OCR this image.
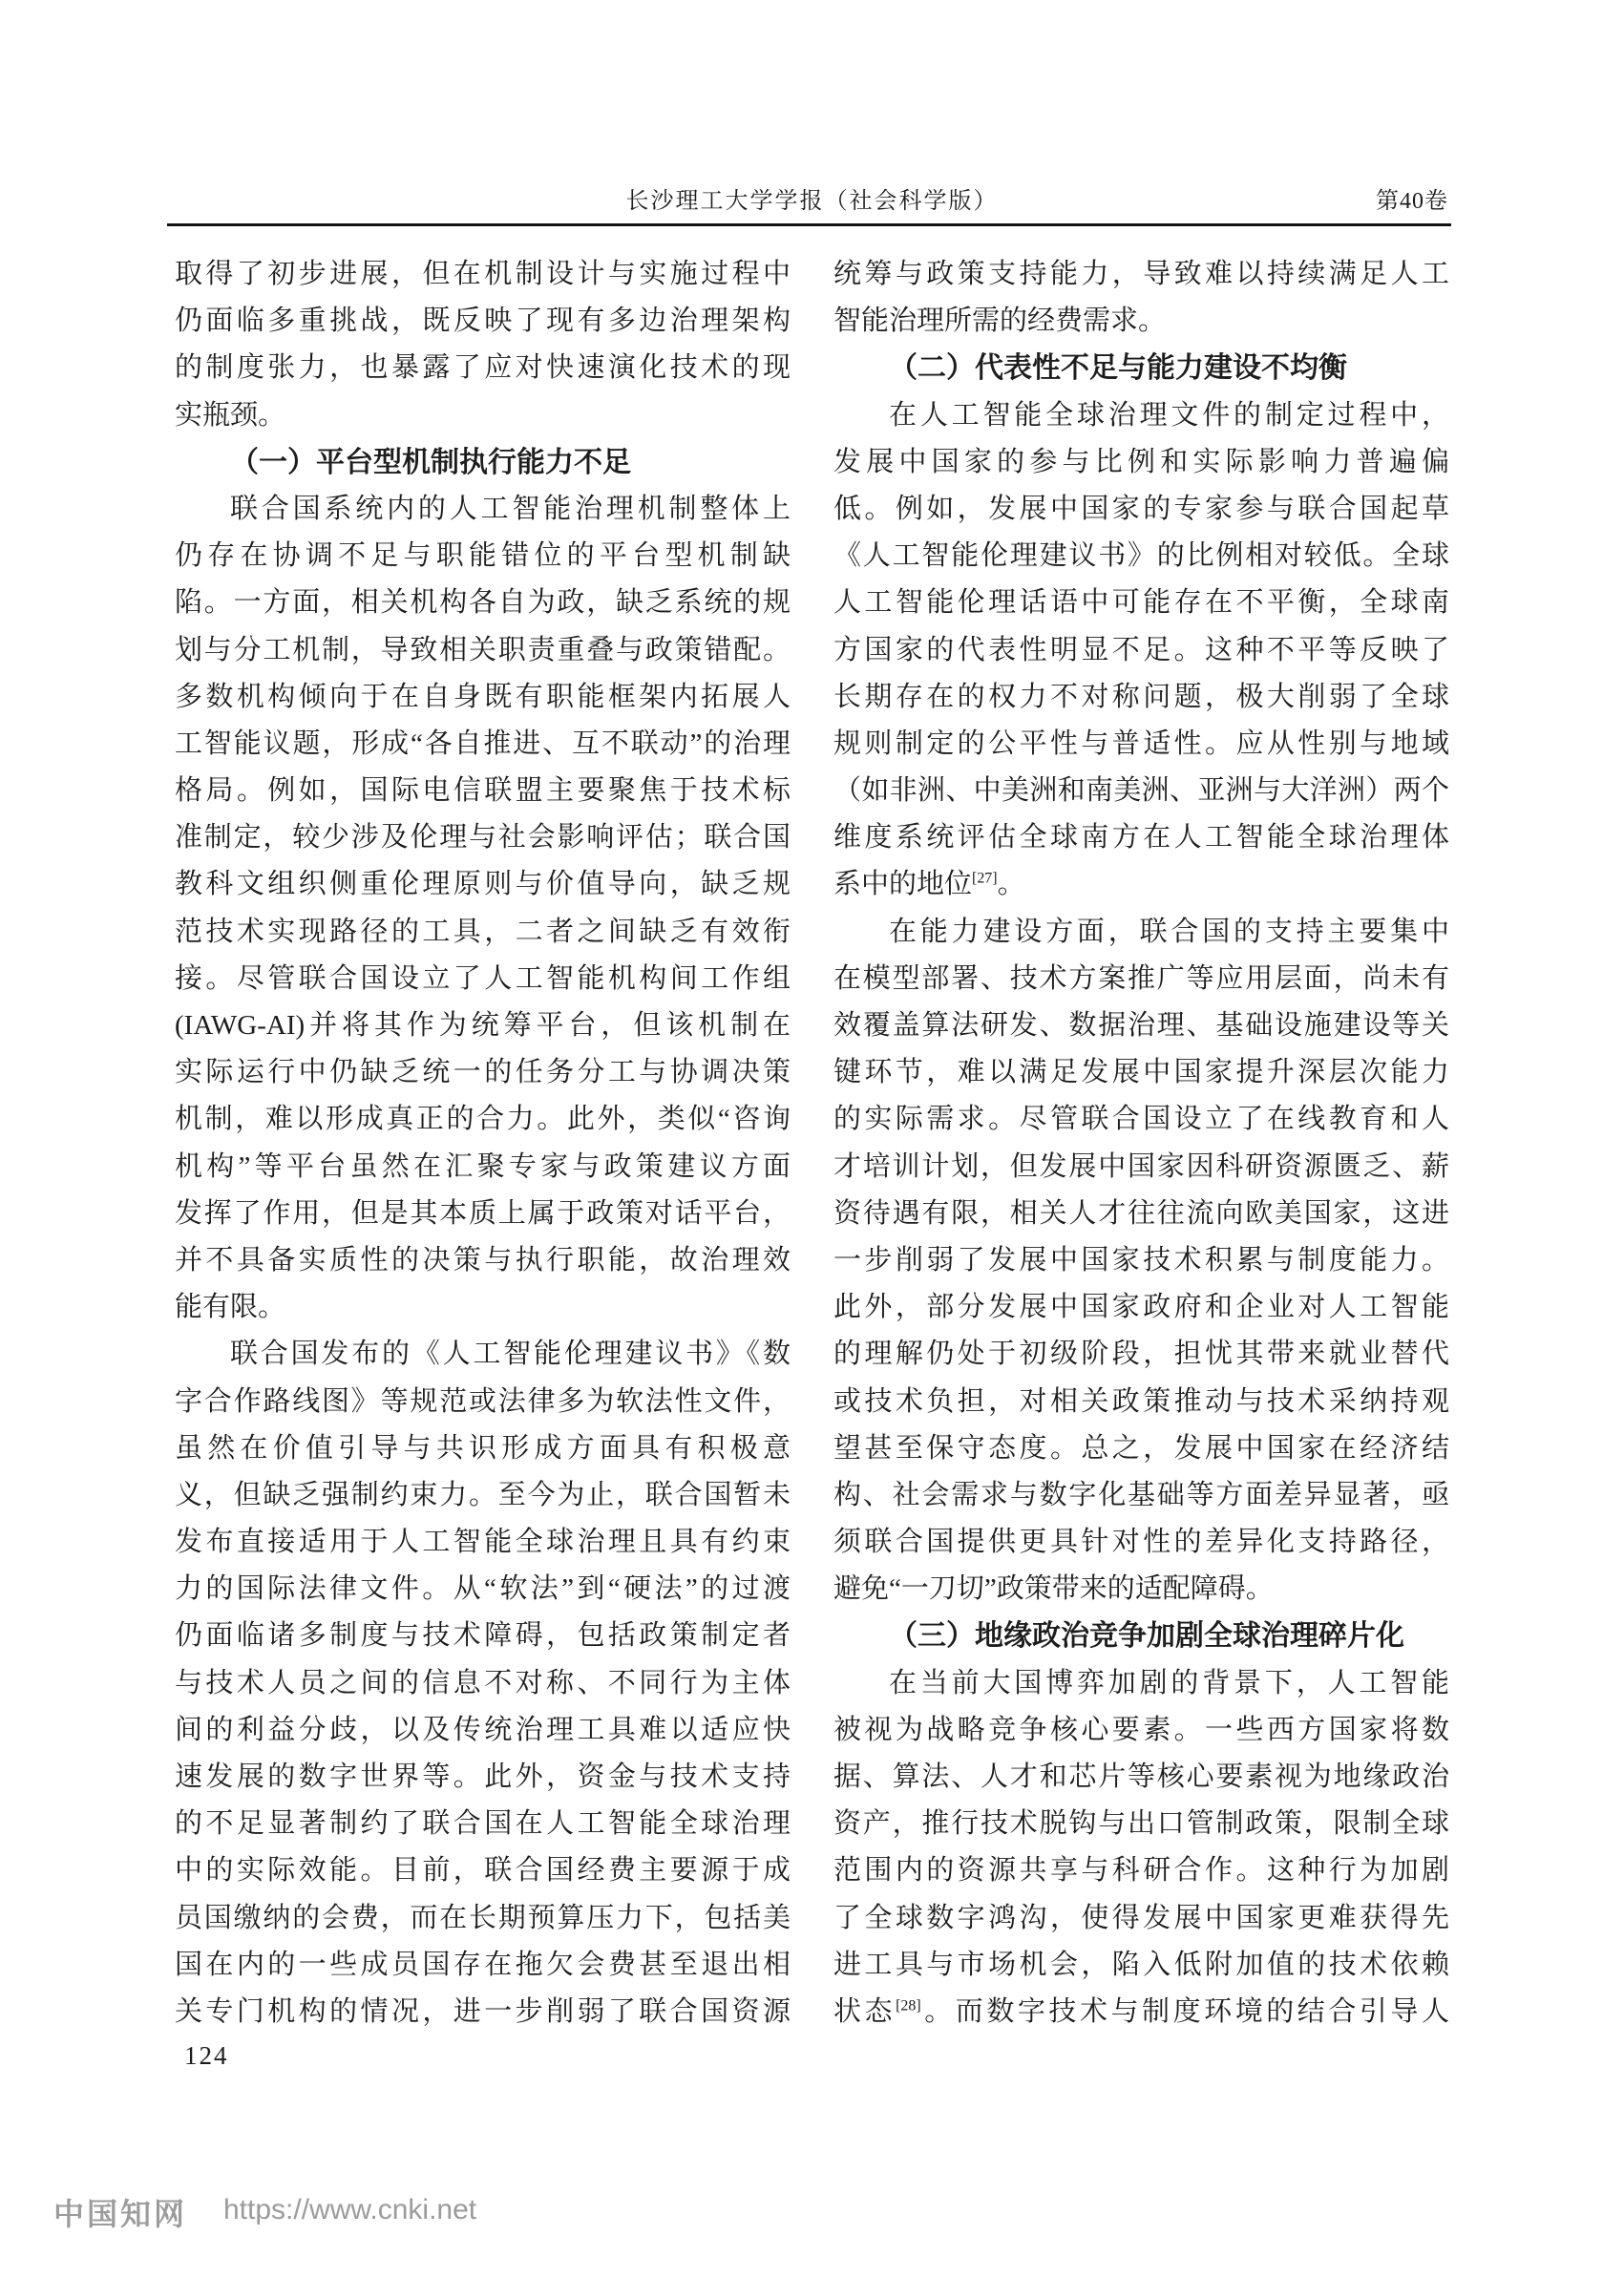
长沙理工大学学报（社会科学版）	第40卷
取得了初步进展，但在机制设计与实施过程中
仍面临多重挑战，既反映了现有多边治理架构
的制度张力，也暴露了应对快速演化技术的现
实瓶颈。
（一）平台型机制执行能力不足
联合国系统内的人工智能治理机制整体上
仍存在协调不足与职能错位的平台型机制缺
陷。一方面，相关机构各自为政，缺乏系统的规
划与分工机制，导致相关职责重叠与政策错配。
多数机构倾向于在自身既有职能框架内拓展人
工智能议题，形成“各自推进、互不联动”的治理
格局。例如，国际电信联盟主要聚焦于技术标
准制定，较少涉及伦理与社会影响评估；联合国
教科文组织侧重伦理原则与价值导向，缺乏规
范技术实现路径的工具，二者之间缺乏有效衔
接。尽管联合国设立了人工智能机构间工作组
(IAWG-AI)并将其作为统筹平台，但该机制在
实际运行中仍缺乏统一的任务分工与协调决策
机制，难以形成真正的合力。此外，类似“咨询
机构”等平台虽然在汇聚专家与政策建议方面
发挥了作用，但是其本质上属于政策对话平台，
并不具备实质性的决策与执行职能，故治理效
能有限。
联合国发布的《人工智能伦理建议书》《数
字合作路线图》等规范或法律多为软法性文件，
虽然在价值引导与共识形成方面具有积极意
义，但缺乏强制约束力。至今为止，联合国暂未
发布直接适用于人工智能全球治理且具有约束
力的国际法律文件。从“软法”到“硬法”的过渡
仍面临诸多制度与技术障碍，包括政策制定者
与技术人员之间的信息不对称、不同行为主体
间的利益分歧，以及传统治理工具难以适应快
速发展的数字世界等。此外，资金与技术支持
的不足显著制约了联合国在人工智能全球治理
中的实际效能。目前，联合国经费主要源于成
员国缴纳的会费，而在长期预算压力下，包括美
国在内的一些成员国存在拖欠会费甚至退出相
关专门机构的情况，进一步削弱了联合国资源
统筹与政策支持能力，导致难以持续满足人工
智能治理所需的经费需求。
（二）代表性不足与能力建设不均衡
在人工智能全球治理文件的制定过程中，
发展中国家的参与比例和实际影响力普遍偏
低。例如，发展中国家的专家参与联合国起草
《人工智能伦理建议书》的比例相对较低。全球
人工智能伦理话语中可能存在不平衡，全球南
方国家的代表性明显不足。这种不平等反映了
长期存在的权力不对称问题，极大削弱了全球
规则制定的公平性与普适性。应从性别与地域
（如非洲、中美洲和南美洲、亚洲与大洋洲）两个
维度系统评估全球南方在人工智能全球治理体
系中的地位[27]。
在能力建设方面，联合国的支持主要集中
在模型部署、技术方案推广等应用层面，尚未有
效覆盖算法研发、数据治理、基础设施建设等关
键环节，难以满足发展中国家提升深层次能力
的实际需求。尽管联合国设立了在线教育和人
才培训计划，但发展中国家因科研资源匮乏、薪
资待遇有限，相关人才往往流向欧美国家，这进
一步削弱了发展中国家技术积累与制度能力。
此外，部分发展中国家政府和企业对人工智能
的理解仍处于初级阶段，担忧其带来就业替代
或技术负担，对相关政策推动与技术采纳持观
望甚至保守态度。总之，发展中国家在经济结
构、社会需求与数字化基础等方面差异显著，亟
须联合国提供更具针对性的差异化支持路径，
避免“一刀切”政策带来的适配障碍。
（三）地缘政治竞争加剧全球治理碎片化
在当前大国博弈加剧的背景下，人工智能
被视为战略竞争核心要素。一些西方国家将数
据、算法、人才和芯片等核心要素视为地缘政治
资产，推行技术脱钩与出口管制政策，限制全球
范围内的资源共享与科研合作。这种行为加剧
了全球数字鸿沟，使得发展中国家更难获得先
进工具与市场机会，陷入低附加值的技术依赖
状态[28]。而数字技术与制度环境的结合引导人
124
中国知网 https://www.cnki.net
